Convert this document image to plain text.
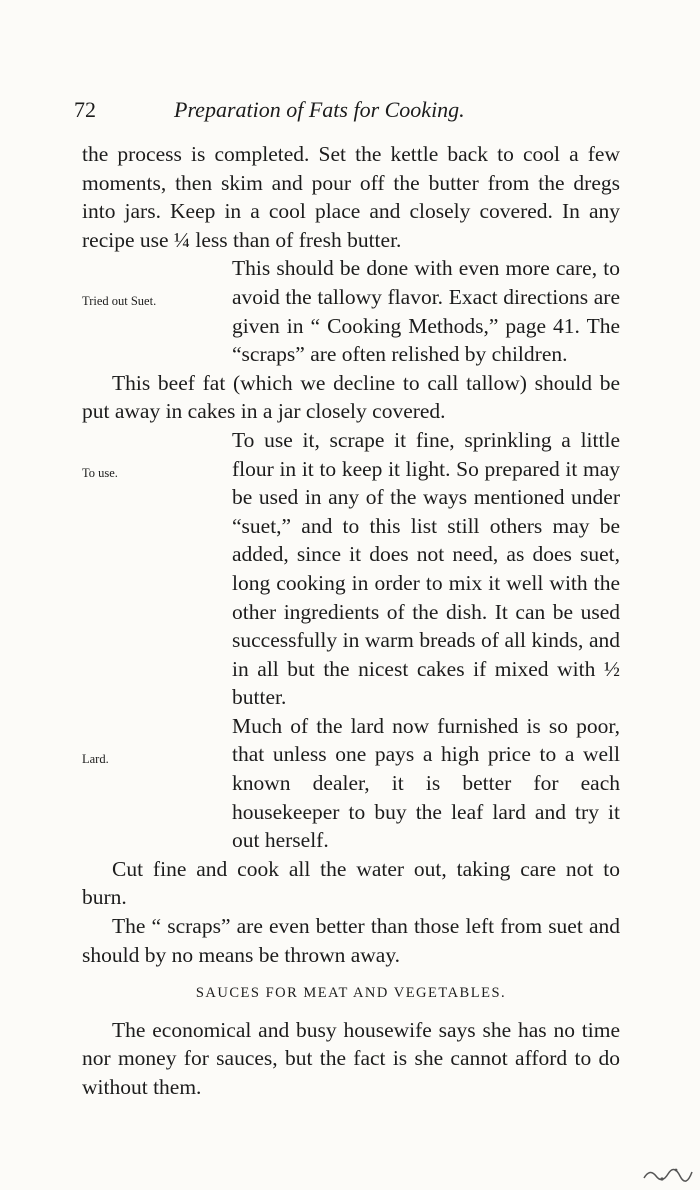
72	Preparation of Fats for Cooking.

the process is completed. Set the kettle back to cool a few moments, then skim and pour off the butter from the dregs into jars. Keep in a cool place and closely covered. In any recipe use ¼ less than of fresh butter.

Tried out Suet.
This should be done with even more care, to avoid the tallowy flavor. Exact directions are given in “ Cooking Methods,” page 41. The “scraps” are often relished by children.

This beef fat (which we decline to call tallow) should be put away in cakes in a jar closely covered.

To use.
To use it, scrape it fine, sprinkling a little flour in it to keep it light. So prepared it may be used in any of the ways mentioned under “suet,” and to this list still others may be added, since it does not need, as does suet, long cooking in order to mix it well with the other ingredients of the dish. It can be used successfully in warm breads of all kinds, and in all but the nicest cakes if mixed with ½ butter.
Lard.
Much of the lard now furnished is so poor, that unless one pays a high price to a well known dealer, it is better for each housekeeper to buy the leaf lard and try it out herself.

Cut fine and cook all the water out, taking care not to burn.

The “ scraps” are even better than those left from suet and should by no means be thrown away.

SAUCES FOR MEAT AND VEGETABLES.

The economical and busy housewife says she has no time nor money for sauces, but the fact is she cannot afford to do without them.
